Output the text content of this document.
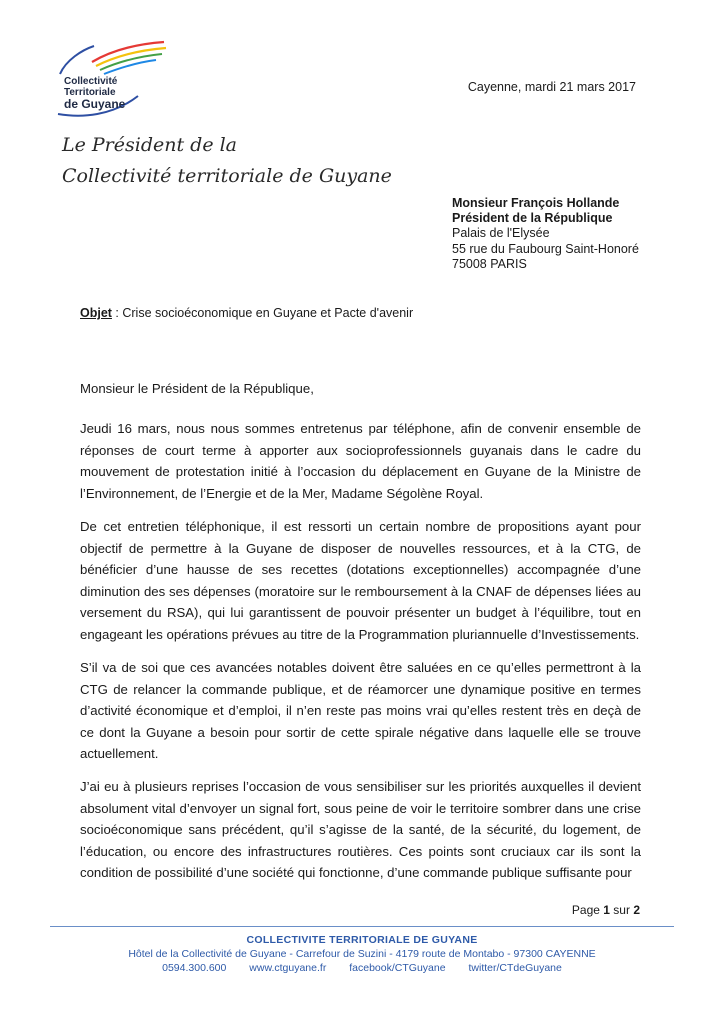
Collectivité
Territoriale
de Guyane
Le Président de la
Collectivité territoriale de Guyane
Cayenne, mardi 21 mars 2017
Monsieur François Hollande
Président de la République
Palais de l'Elysée
55 rue du Faubourg Saint-Honoré
75008 PARIS
Objet : Crise socioéconomique en Guyane et Pacte d'avenir
Monsieur le Président de la République,
Jeudi 16 mars, nous nous sommes entretenus par téléphone, afin de convenir ensemble de réponses de court terme à apporter aux socioprofessionnels guyanais dans le cadre du mouvement de protestation initié à l’occasion du déplacement en Guyane de la Ministre de l’Environnement, de l’Energie et de la Mer, Madame Ségolène Royal.
De cet entretien téléphonique, il est ressorti un certain nombre de propositions ayant pour objectif de permettre à la Guyane de disposer de nouvelles ressources, et à la CTG, de bénéficier d’une hausse de ses recettes (dotations exceptionnelles) accompagnée d’une diminution des ses dépenses (moratoire sur le remboursement à la CNAF de dépenses liées au versement du RSA), qui lui garantissent de pouvoir présenter un budget à l’équilibre, tout en engageant les opérations prévues au titre de la Programmation pluriannuelle d’Investissements.
S’il va de soi que ces avancées notables doivent être saluées en ce qu’elles permettront à la CTG de relancer la commande publique, et de réamorcer une dynamique positive en termes d’activité économique et d’emploi, il n’en reste pas moins vrai qu’elles restent très en deçà de ce dont la Guyane a besoin pour sortir de cette spirale négative dans laquelle elle se trouve actuellement.
J’ai eu à plusieurs reprises l’occasion de vous sensibiliser sur les priorités auxquelles il devient absolument vital d’envoyer un signal fort, sous peine de voir le territoire sombrer dans une crise socioéconomique sans précédent, qu’il s’agisse de la santé, de la sécurité, du logement, de l’éducation, ou encore des infrastructures routières. Ces points sont cruciaux car ils sont la condition de possibilité d’une société qui fonctionne, d’une commande publique suffisante pour
Page 1 sur 2
COLLECTIVITE TERRITORIALE DE GUYANE
Hôtel de la Collectivité de Guyane - Carrefour de Suzini - 4179 route de Montabo - 97300 CAYENNE
0594.300.600 www.ctguyane.fr facebook/CTGuyane twitter/CTdeGuyane
